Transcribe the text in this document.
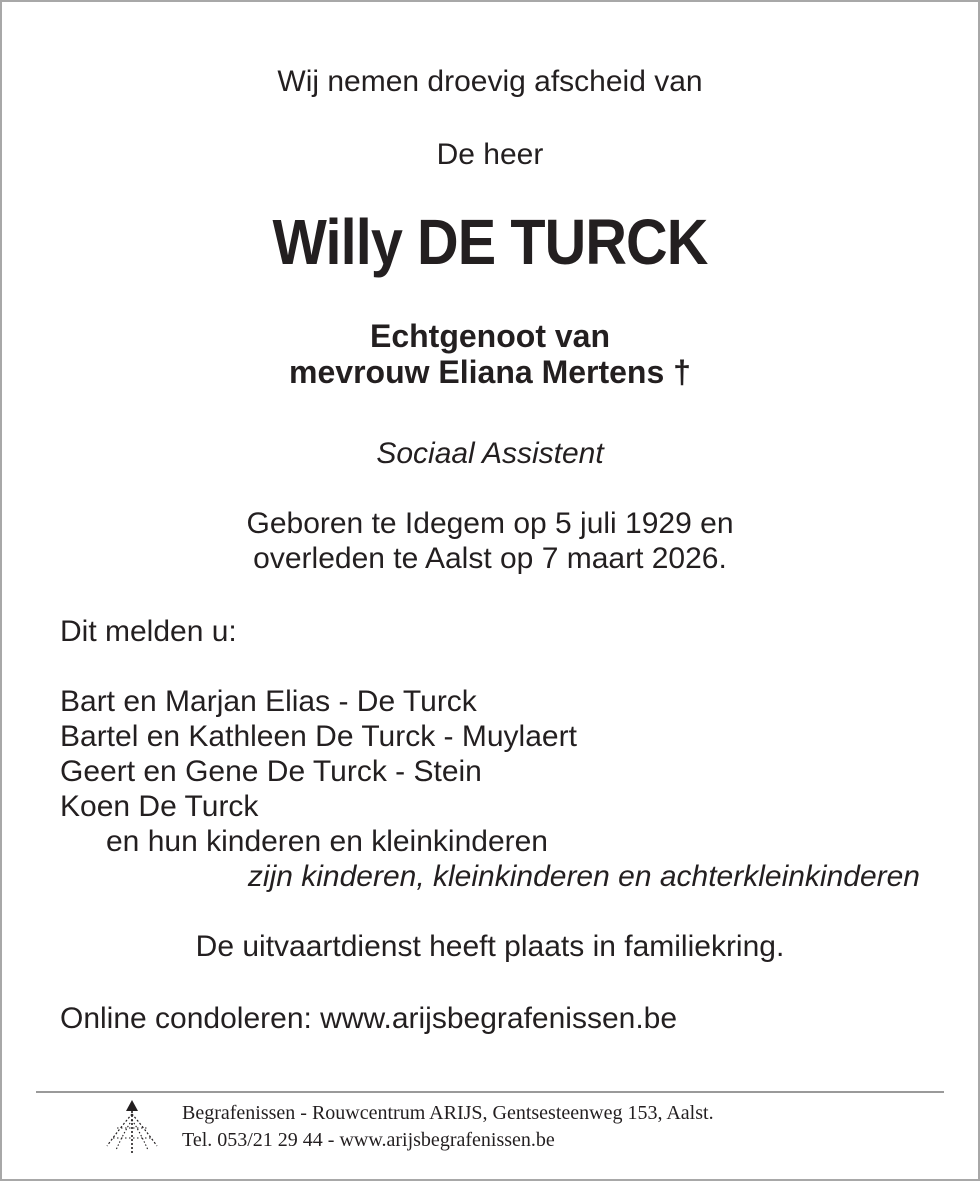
Wij nemen droevig afscheid van
De heer
Willy DE TURCK
Echtgenoot van
mevrouw Eliana Mertens †
Sociaal Assistent
Geboren te Idegem op 5 juli 1929 en
overleden te Aalst op 7 maart 2026.
Dit melden u:
Bart en Marjan Elias - De Turck
Bartel en Kathleen De Turck - Muylaert
Geert en Gene De Turck - Stein
Koen De Turck
en hun kinderen en kleinkinderen
zijn kinderen, kleinkinderen en achterkleinkinderen
De uitvaartdienst heeft plaats in familiekring.
Online condoleren: www.arijsbegrafenissen.be
Begrafenissen - Rouwcentrum ARIJS, Gentsesteenweg 153, Aalst.
Tel. 053/21 29 44 - www.arijsbegrafenissen.be
